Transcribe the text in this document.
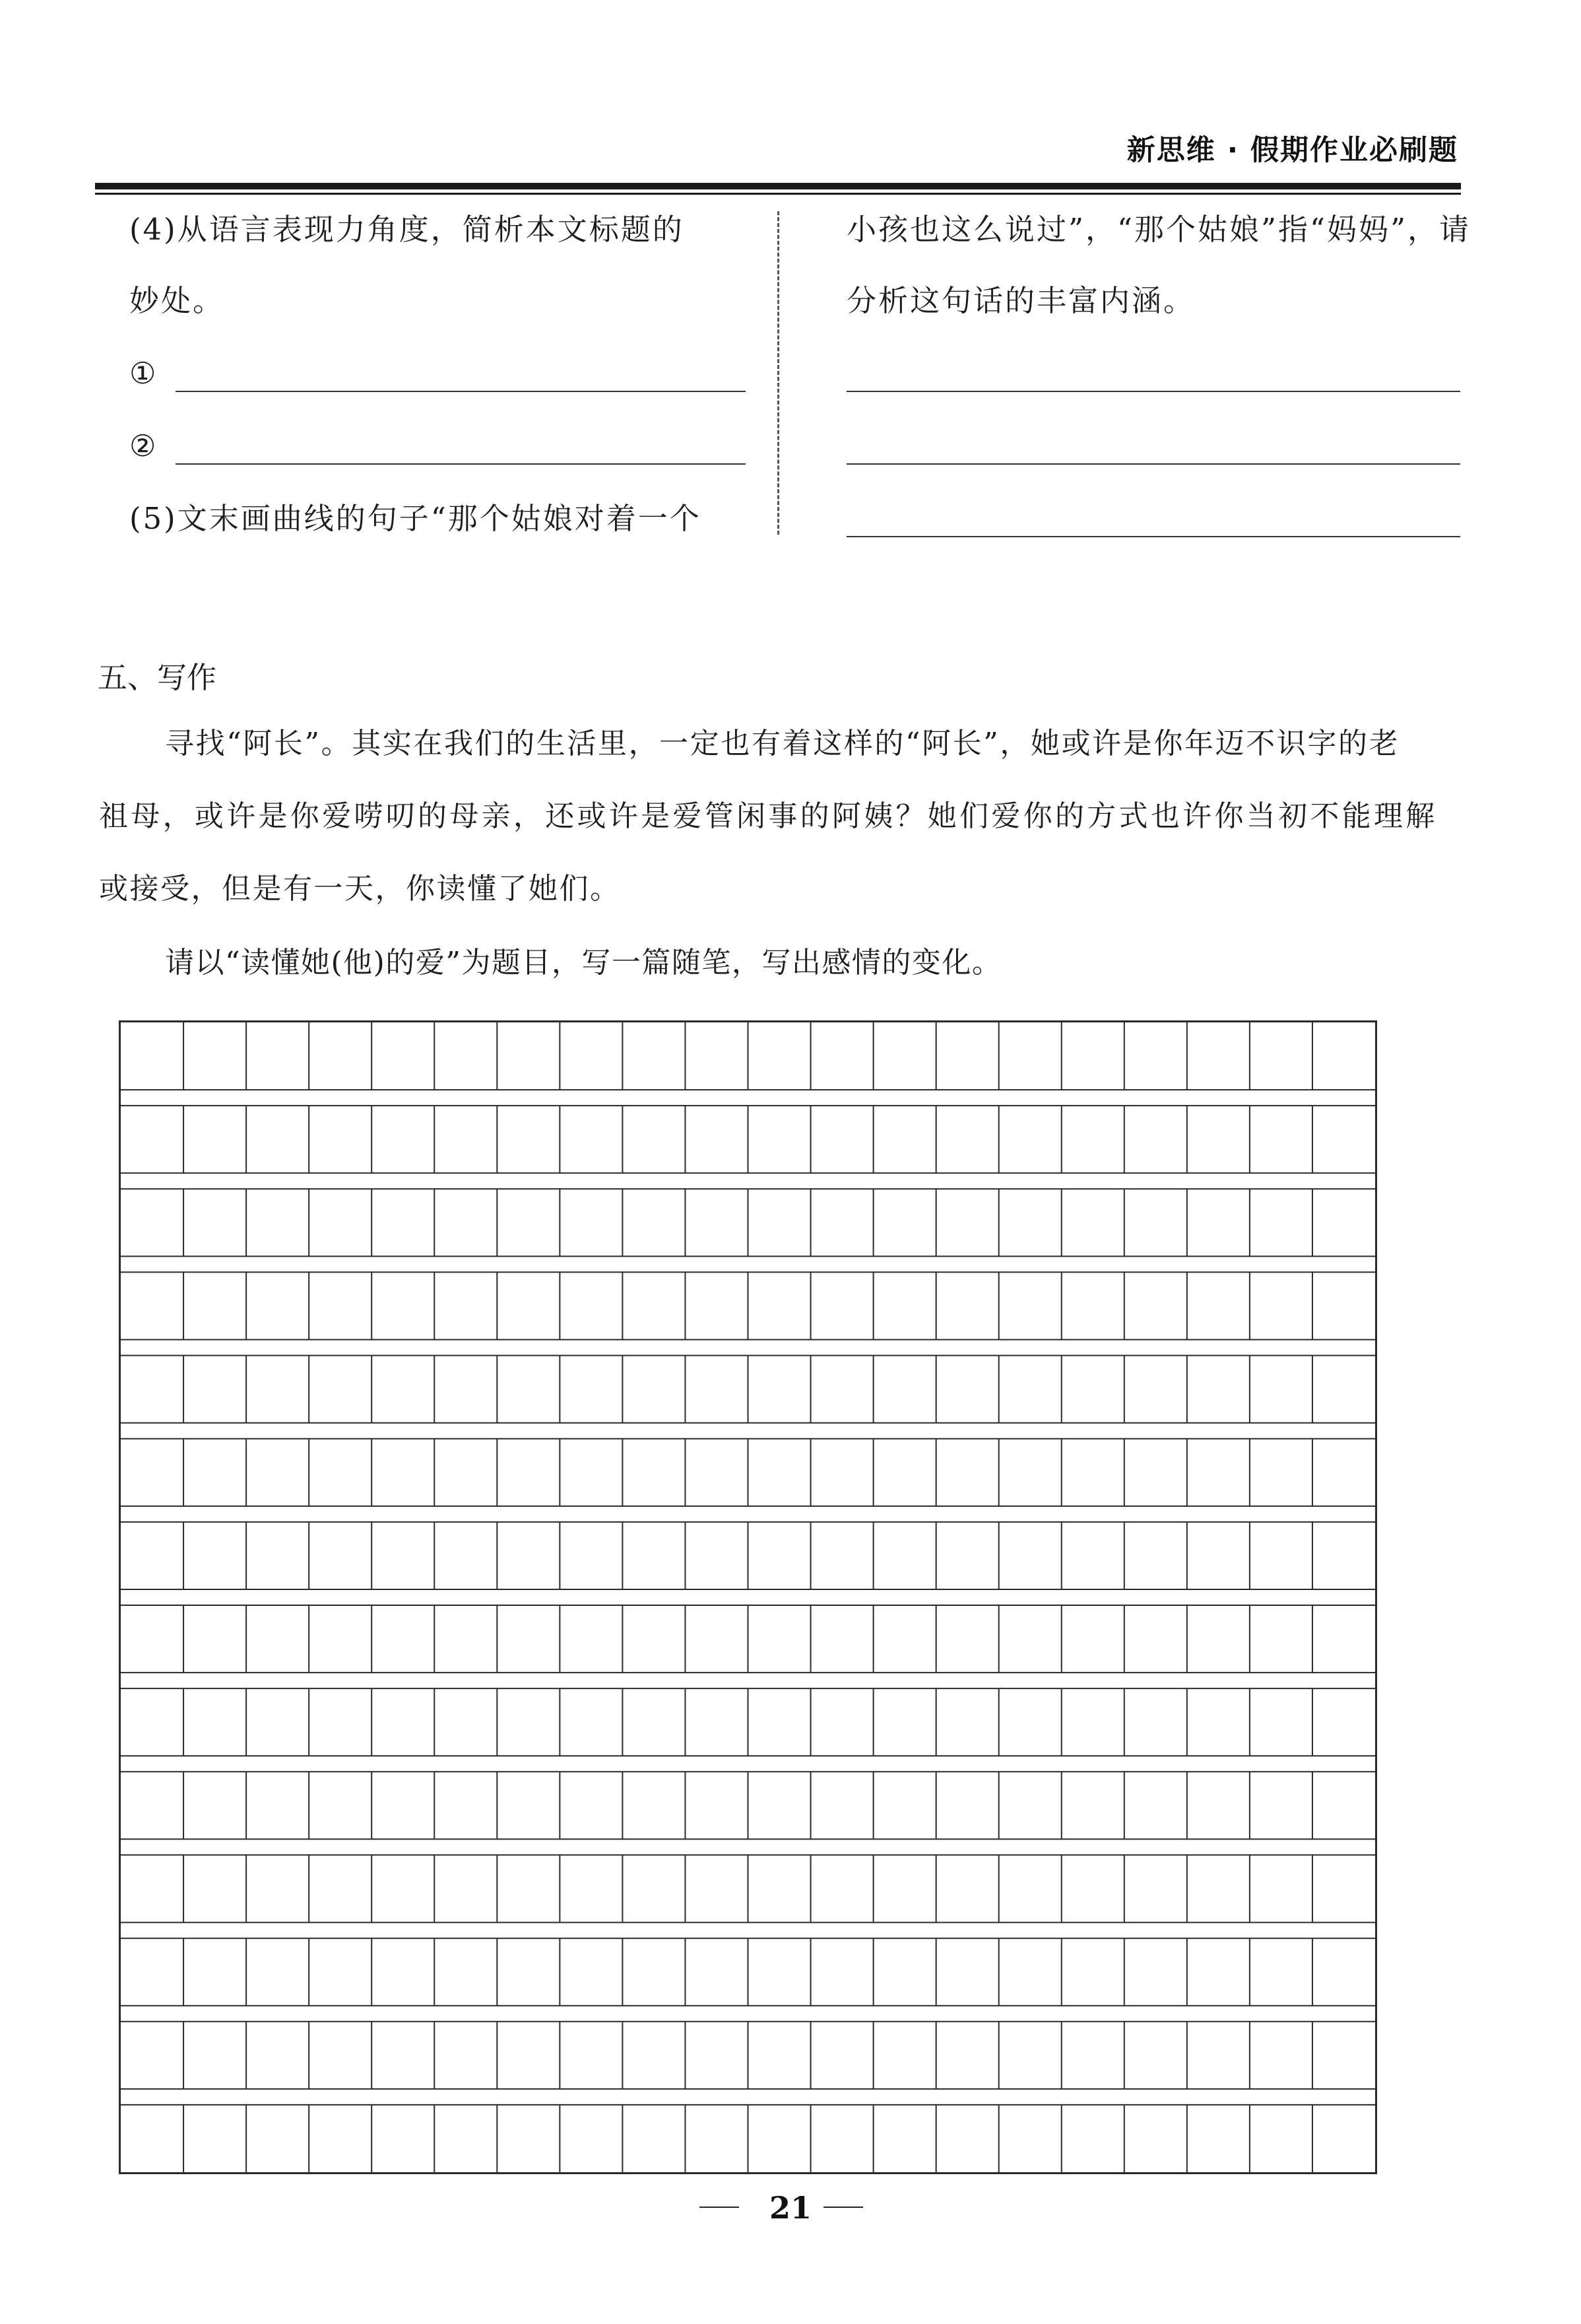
新思维 · 假期作业必刷题
(4)从语言表现力角度，简析本文标题的
妙处。
①
②
(5)文末画曲线的句子“那个姑娘对着一个
小孩也这么说过”，“那个姑娘”指“妈妈”，请
分析这句话的丰富内涵。
五、写作
寻找“阿长”。其实在我们的生活里，一定也有着这样的“阿长”，她或许是你年迈不识字的老
祖母，或许是你爱唠叨的母亲，还或许是爱管闲事的阿姨？她们爱你的方式也许你当初不能理解
或接受，但是有一天，你读懂了她们。
请以“读懂她(他)的爱”为题目，写一篇随笔，写出感情的变化。
21
